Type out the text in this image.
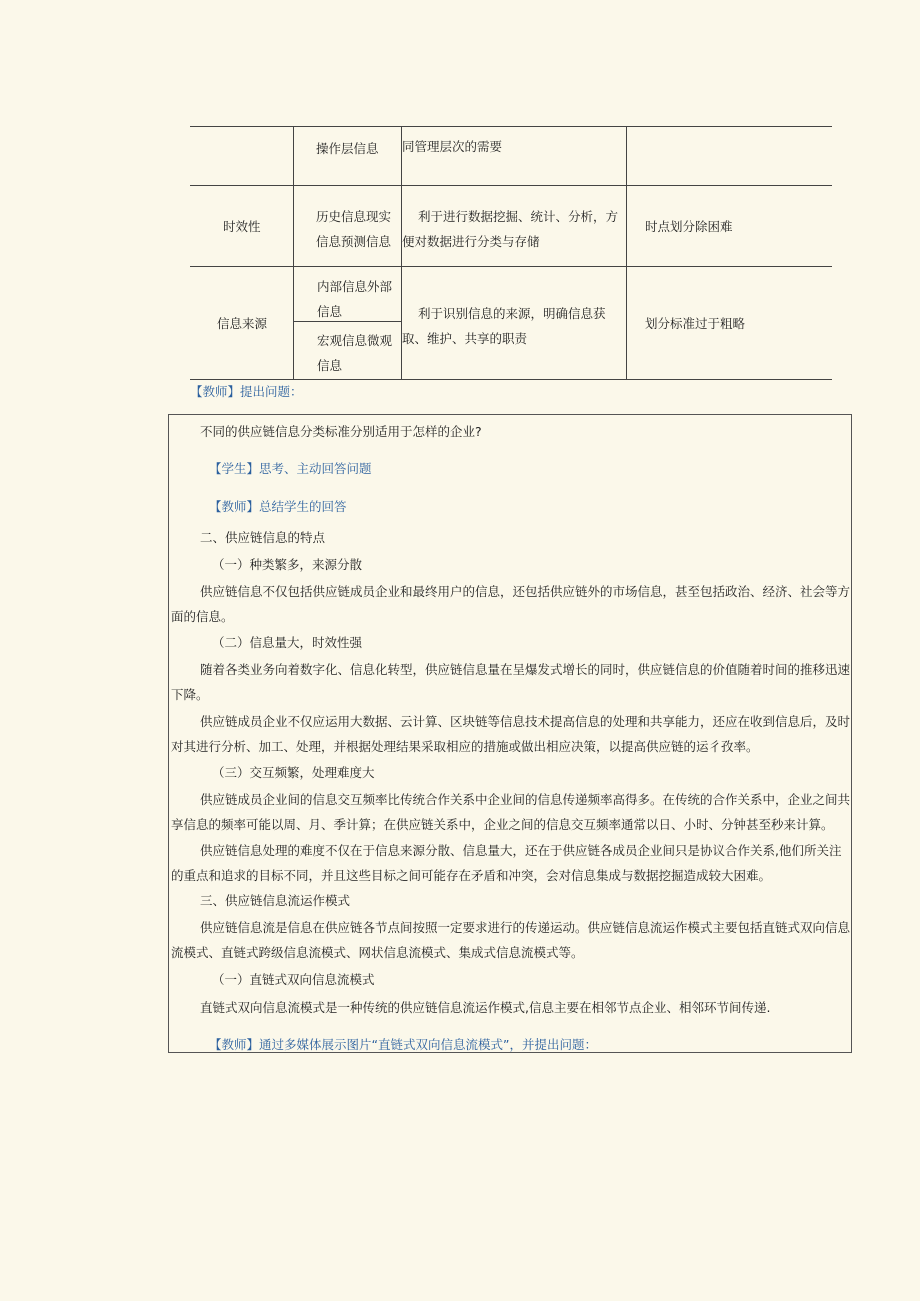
操作层信息 同管理层次的需要
时效性
历史信息现实信息预测信息
利于进行数据挖掘、统计、分析，方便对数据进行分类与存储
时点划分除困难
信息来源
内部信息外部信息
宏观信息微观信息
利于识别信息的来源，明确信息获取、维护、共享的职责
划分标准过于粗略
【教师】提出问题：

不同的供应链信息分类标准分别适用于怎样的企业?

【学生】思考、主动回答问题

【教师】总结学生的回答

二、供应链信息的特点

（一）种类繁多，来源分散

供应链信息不仅包括供应链成员企业和最终用户的信息，还包括供应链外的市场信息，甚至包括政治、经济、社会等方面的信息。

（二）信息量大，时效性强

随着各类业务向着数字化、信息化转型，供应链信息量在呈爆发式增长的同时，供应链信息的价值随着时间的推移迅速下降。

供应链成员企业不仅应运用大数据、云计算、区块链等信息技术提高信息的处理和共享能力，还应在收到信息后，及时对其进行分析、加工、处理，并根据处理结果采取相应的措施或做出相应决策，以提高供应链的运彳孜率。

（三）交互频繁，处理难度大

供应链成员企业间的信息交互频率比传统合作关系中企业间的信息传递频率高得多。在传统的合作关系中，企业之间共享信息的频率可能以周、月、季计算；在供应链关系中，企业之间的信息交互频率通常以日、小时、分钟甚至秒来计算。

供应链信息处理的难度不仅在于信息来源分散、信息量大，还在于供应链各成员企业间只是协议合作关系,他们所关注的重点和追求的目标不同，并且这些目标之间可能存在矛盾和冲突，会对信息集成与数据挖掘造成较大困难。

三、供应链信息流运作模式

供应链信息流是信息在供应链各节点间按照一定要求进行的传递运动。供应链信息流运作模式主要包括直链式双向信息流模式、直链式跨级信息流模式、网状信息流模式、集成式信息流模式等。

（一）直链式双向信息流模式

直链式双向信息流模式是一种传统的供应链信息流运作模式,信息主要在相邻节点企业、相邻环节间传递.

【教师】通过多媒体展示图片“直链式双向信息流模式”，并提出问题：
